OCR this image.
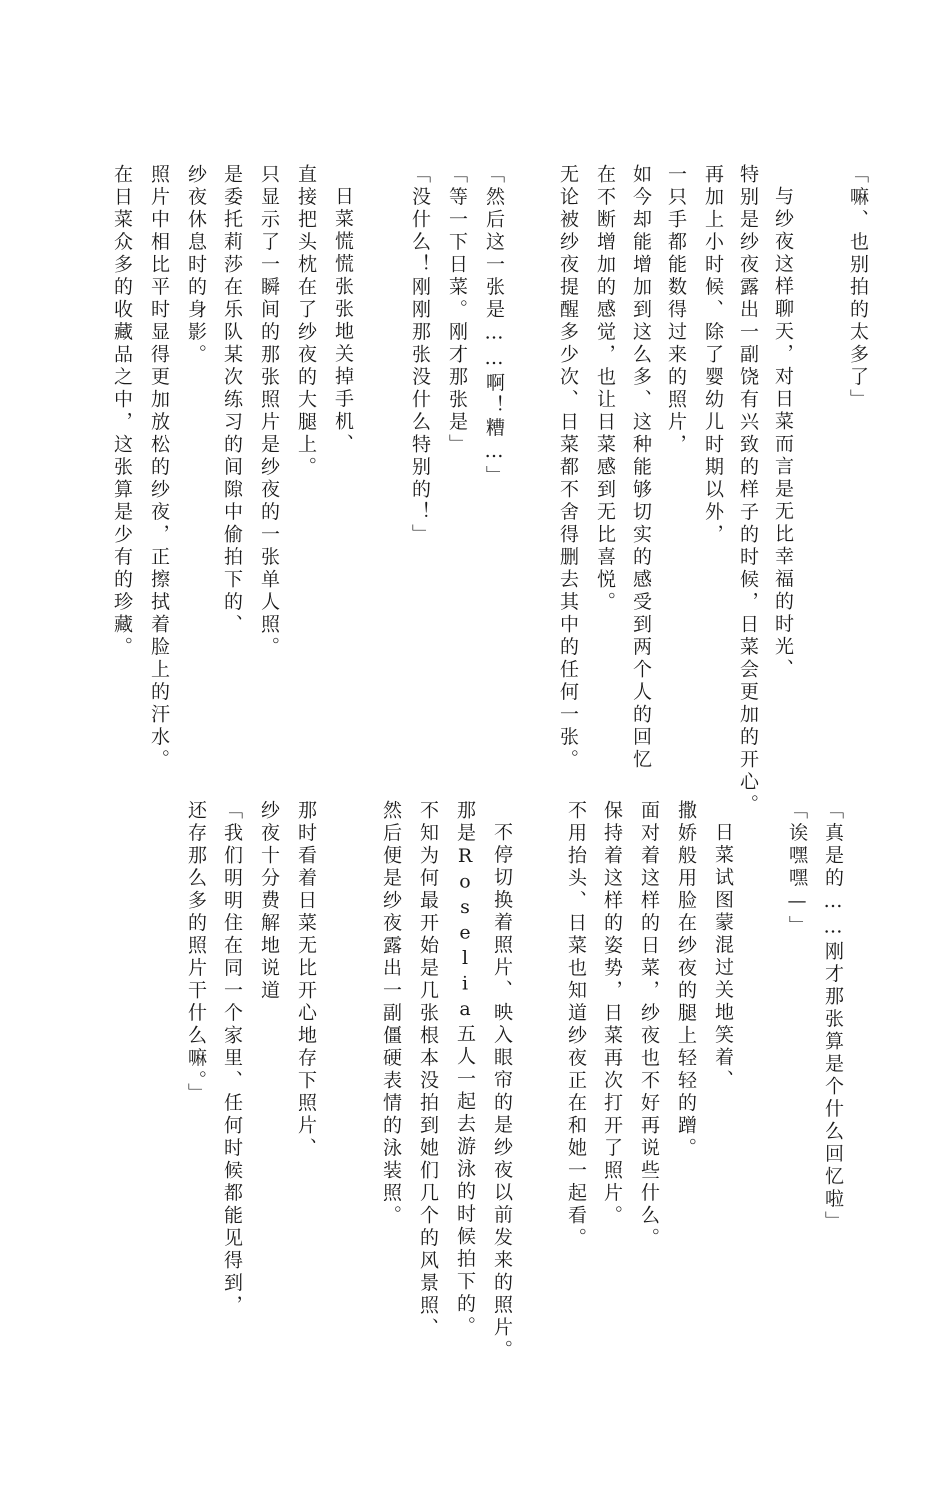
「嘛、也别拍的太多了」
与纱夜这样聊天，对日菜而言是无比幸福的时光、
特别是纱夜露出一副饶有兴致的样子的时候，日菜会更加的开心。
再加上小时候、除了婴幼儿时期以外，
一只手都能数得过来的照片，
如今却能增加到这么多、这种能够切实的感受到两个人的回忆
在不断增加的感觉，也让日菜感到无比喜悦。
无论被纱夜提醒多少次、日菜都不舍得删去其中的任何一张。
「然后这一张是……啊！糟…」
「等一下日菜。刚才那张是」
「没什么！刚刚那张没什么特别的！」
日菜慌慌张张地关掉手机、
直接把头枕在了纱夜的大腿上。
只显示了一瞬间的那张照片是纱夜的一张单人照。
是委托莉莎在乐队某次练习的间隙中偷拍下的、
纱夜休息时的身影。
照片中相比平时显得更加放松的纱夜，正擦拭着脸上的汗水。
在日菜众多的收藏品之中，这张算是少有的珍藏。
「真是的……刚才那张算是个什么回忆啦」
「诶嘿嘿—」
日菜试图蒙混过关地笑着、
撒娇般用脸在纱夜的腿上轻轻的蹭。
面对着这样的日菜，纱夜也不好再说些什么。
保持着这样的姿势，日菜再次打开了照片。
不用抬头、日菜也知道纱夜正在和她一起看。
不停切换着照片、映入眼帘的是纱夜以前发来的照片。
那是Roselia五人一起去游泳的时候拍下的。
不知为何最开始是几张根本没拍到她们几个的风景照、
然后便是纱夜露出一副僵硬表情的泳装照。
那时看着日菜无比开心地存下照片、
纱夜十分费解地说道
「我们明明住在同一个家里、任何时候都能见得到，
还存那么多的照片干什么嘛。」
